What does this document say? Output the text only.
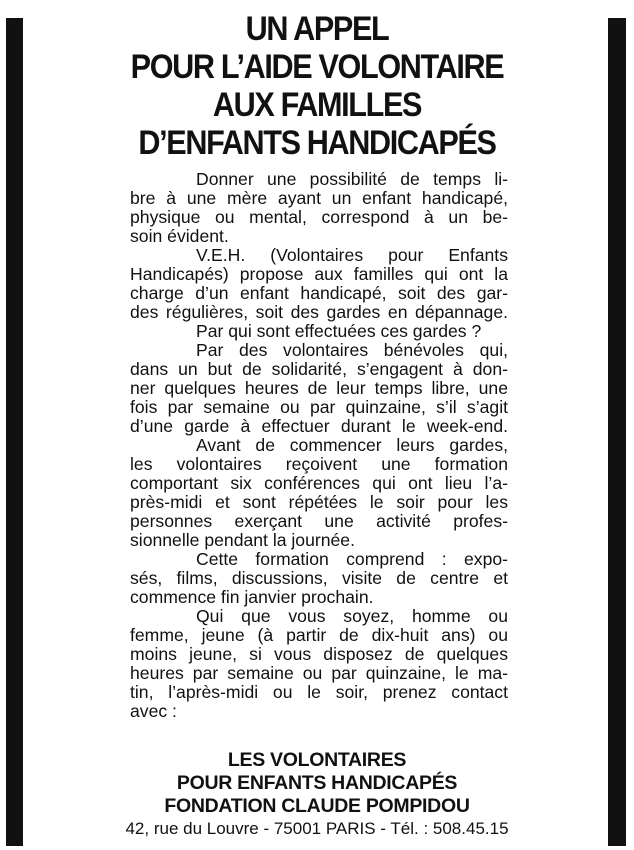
UN APPEL
POUR L’AIDE VOLONTAIRE
AUX FAMILLES
D’ENFANTS HANDICAPÉS
Donner une possibilité de temps li-
bre à une mère ayant un enfant handicapé,
physique ou mental, correspond à un be-
soin évident.
V.E.H. (Volontaires pour Enfants
Handicapés) propose aux familles qui ont la
charge d’un enfant handicapé, soit des gar-
des régulières, soit des gardes en dépannage.
Par qui sont effectuées ces gardes ?
Par des volontaires bénévoles qui,
dans un but de solidarité, s’engagent à don-
ner quelques heures de leur temps libre, une
fois par semaine ou par quinzaine, s’il s’agit
d’une garde à effectuer durant le week-end.
Avant de commencer leurs gardes,
les volontaires reçoivent une formation
comportant six conférences qui ont lieu l’a-
près-midi et sont répétées le soir pour les
personnes exerçant une activité profes-
sionnelle pendant la journée.
Cette formation comprend : expo-
sés, films, discussions, visite de centre et
commence fin janvier prochain.
Qui que vous soyez, homme ou
femme, jeune (à partir de dix-huit ans) ou
moins jeune, si vous disposez de quelques
heures par semaine ou par quinzaine, le ma-
tin, l’après-midi ou le soir, prenez contact
avec :
LES VOLONTAIRES
POUR ENFANTS HANDICAPÉS
FONDATION CLAUDE POMPIDOU
42, rue du Louvre - 75001 PARIS - Tél. : 508.45.15
